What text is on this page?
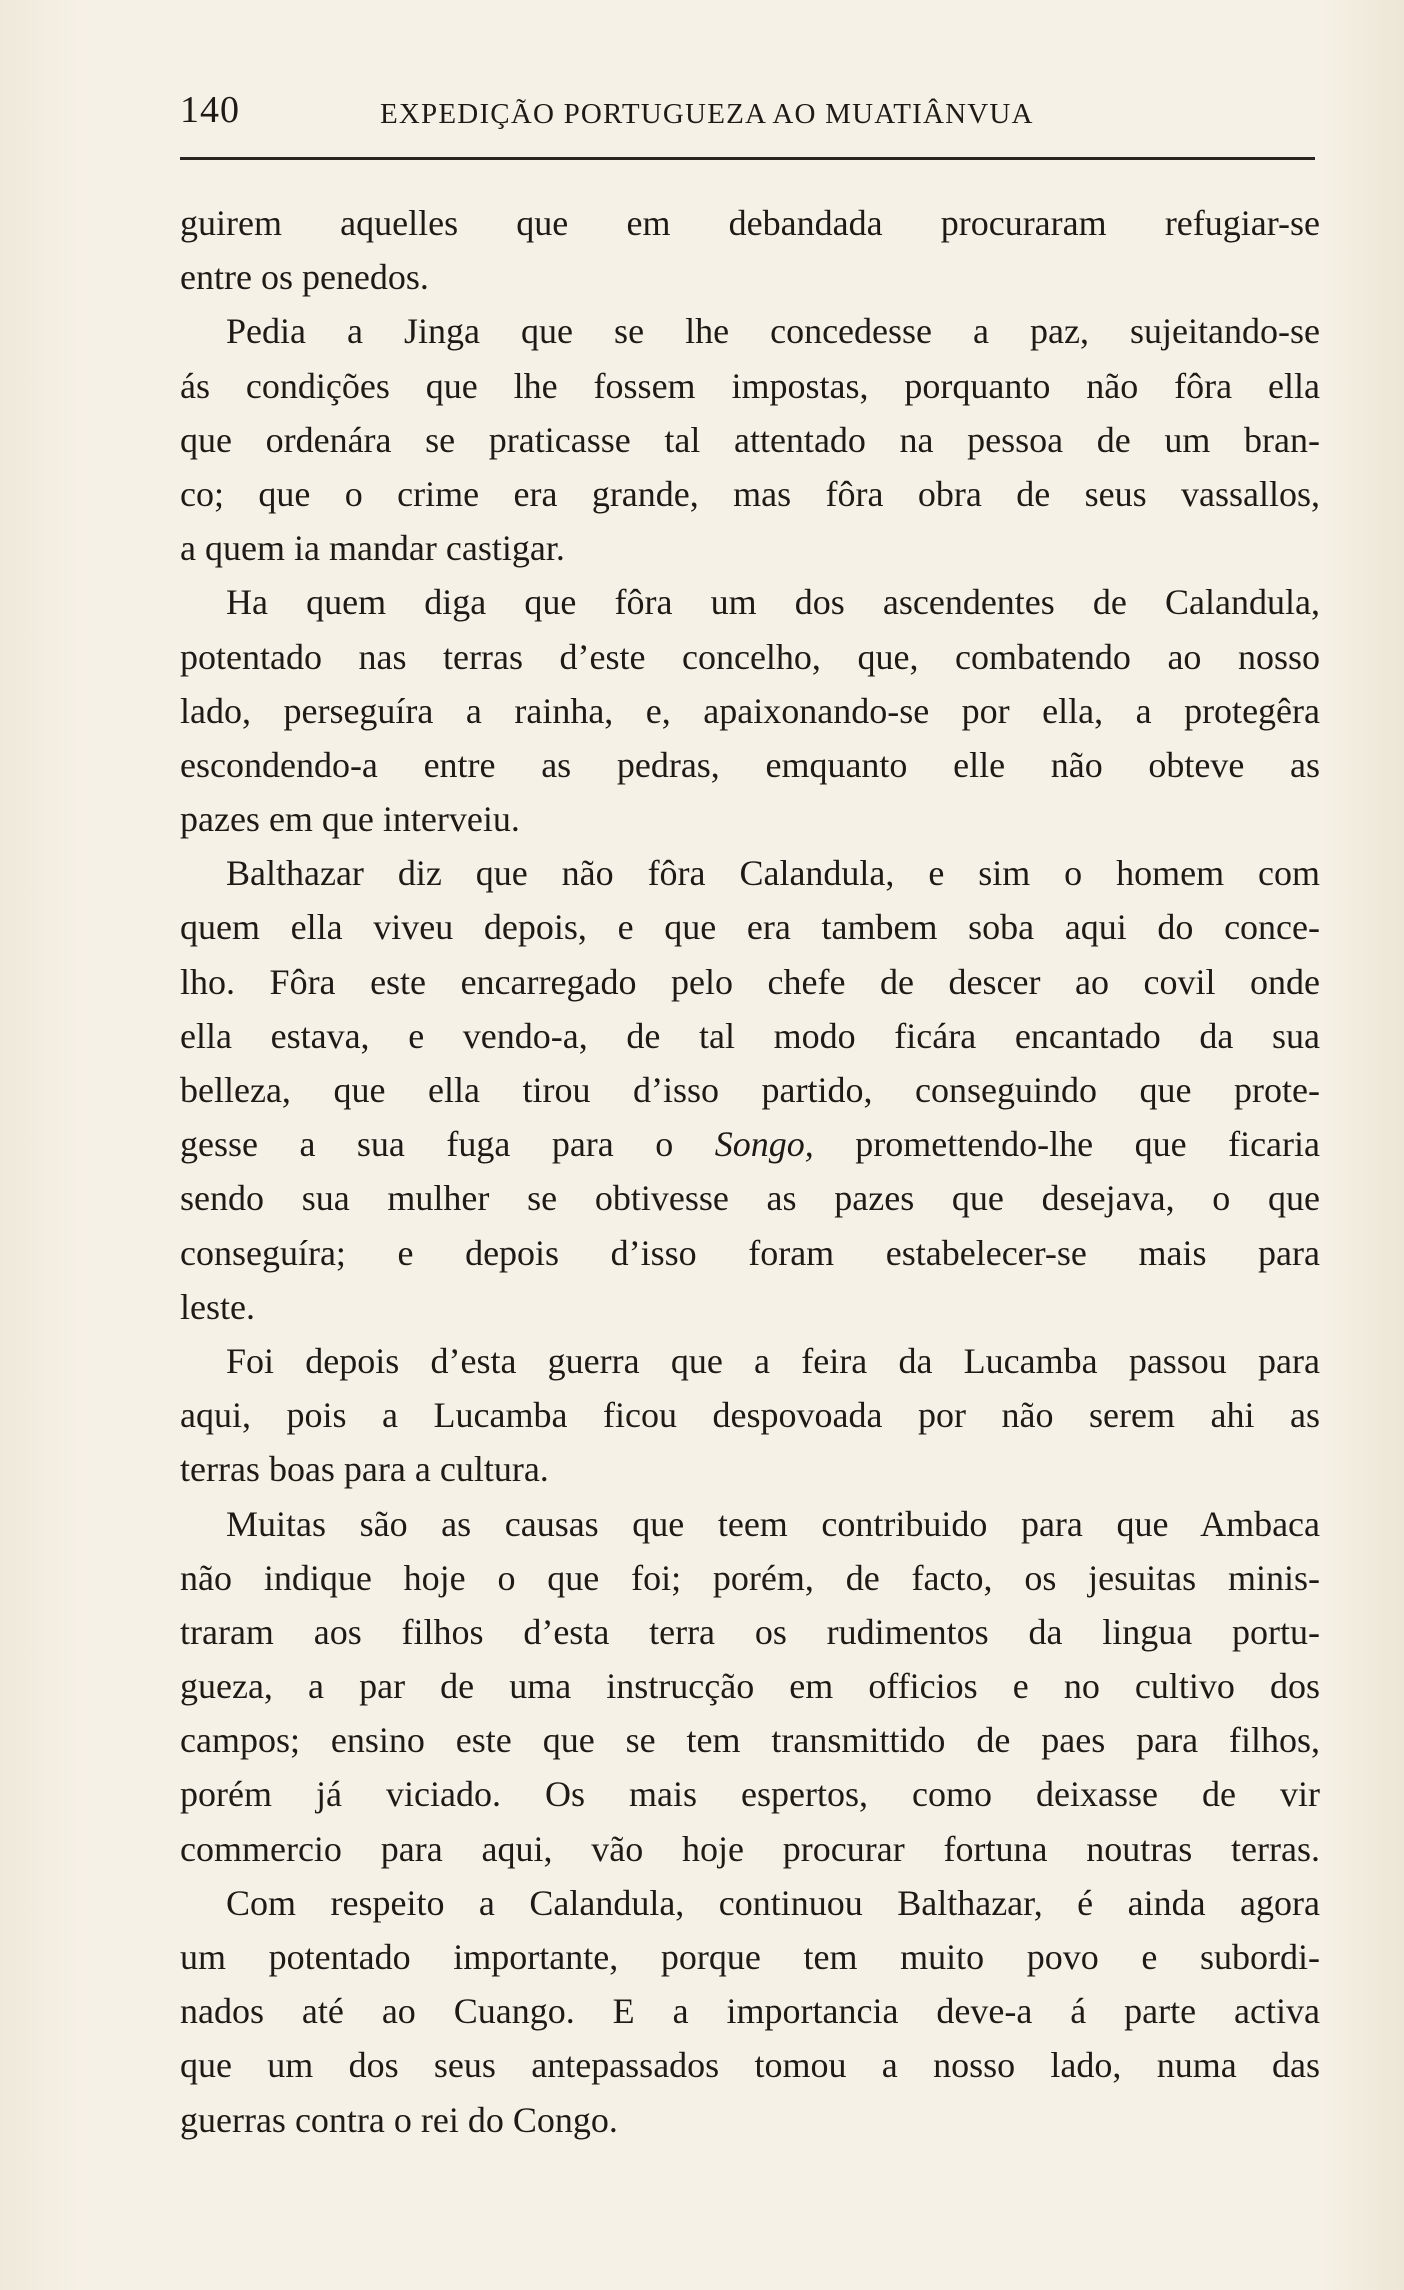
140	EXPEDIÇÃO PORTUGUEZA AO MUATIÂNVUA
guirem aquelles que em debandada procuraram refugiar-se
entre os penedos.
Pedia a Jinga que se lhe concedesse a paz, sujeitando-se
ás condições que lhe fossem impostas, porquanto não fôra ella
que ordenára se praticasse tal attentado na pessoa de um bran-
co; que o crime era grande, mas fôra obra de seus vassallos,
a quem ia mandar castigar.
Ha quem diga que fôra um dos ascendentes de Calandula,
potentado nas terras d’este concelho, que, combatendo ao nosso
lado, perseguíra a rainha, e, apaixonando-se por ella, a protegêra
escondendo-a entre as pedras, emquanto elle não obteve as
pazes em que interveiu.
Balthazar diz que não fôra Calandula, e sim o homem com
quem ella viveu depois, e que era tambem soba aqui do conce-
lho. Fôra este encarregado pelo chefe de descer ao covil onde
ella estava, e vendo-a, de tal modo ficára encantado da sua
belleza, que ella tirou d’isso partido, conseguindo que prote-
gesse a sua fuga para o Songo, promettendo-lhe que ficaria
sendo sua mulher se obtivesse as pazes que desejava, o que
conseguíra; e depois d’isso foram estabelecer-se mais para
leste.
Foi depois d’esta guerra que a feira da Lucamba passou para
aqui, pois a Lucamba ficou despovoada por não serem ahi as
terras boas para a cultura.
Muitas são as causas que teem contribuido para que Ambaca
não indique hoje o que foi; porém, de facto, os jesuitas minis-
traram aos filhos d’esta terra os rudimentos da lingua portu-
gueza, a par de uma instrucção em officios e no cultivo dos
campos; ensino este que se tem transmittido de paes para filhos,
porém já viciado. Os mais espertos, como deixasse de vir
commercio para aqui, vão hoje procurar fortuna noutras terras.
Com respeito a Calandula, continuou Balthazar, é ainda agora
um potentado importante, porque tem muito povo e subordi-
nados até ao Cuango. E a importancia deve-a á parte activa
que um dos seus antepassados tomou a nosso lado, numa das
guerras contra o rei do Congo.
